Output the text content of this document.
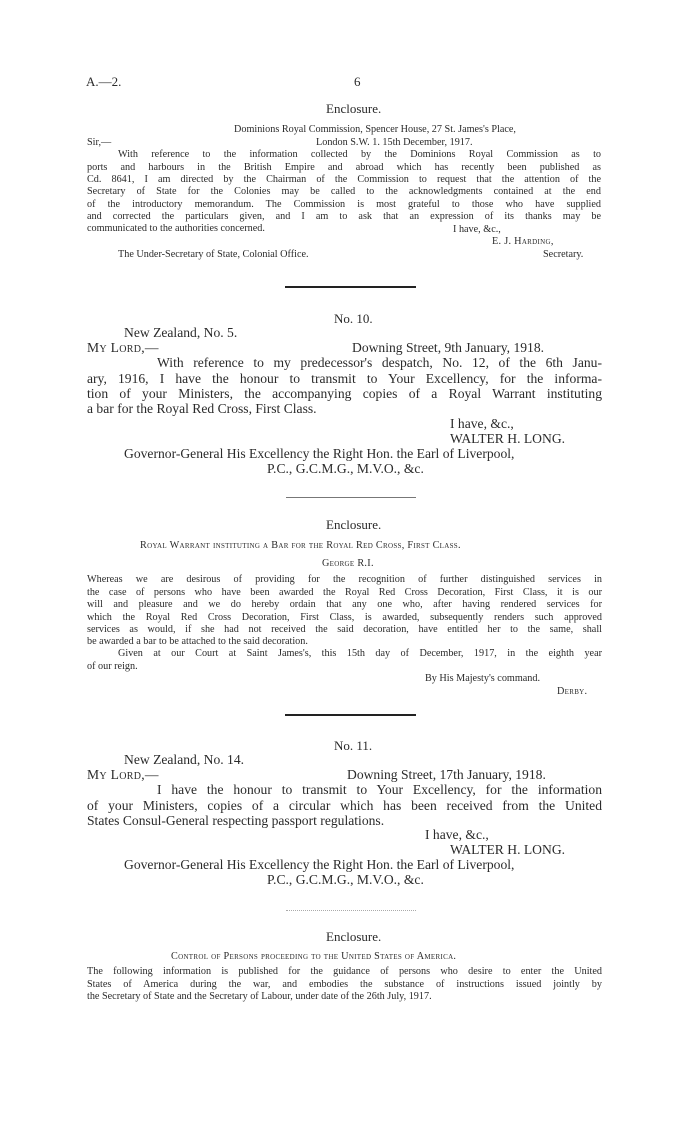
A.—2.	6
Enclosure.
Dominions Royal Commission, Spencer House, 27 St. James's Place,
Sir,—	London S.W. 1. 15th December, 1917.
With reference to the information collected by the Dominions Royal Commission as to
ports and harbours in the British Empire and abroad which has recently been published as
Cd. 8641, I am directed by the Chairman of the Commission to request that the attention of the
Secretary of State for the Colonies may be called to the acknowledgments contained at the end
of the introductory memorandum. The Commission is most grateful to those who have supplied
and corrected the particulars given, and I am to ask that an expression of its thanks may be
communicated to the authorities concerned.	I have, &c.,
E. J. Harding,
The Under-Secretary of State, Colonial Office.	Secretary.
No. 10.
New Zealand, No. 5.
My Lord,—	Downing Street, 9th January, 1918.
With reference to my predecessor's despatch, No. 12, of the 6th Janu-
ary, 1916, I have the honour to transmit to Your Excellency, for the informa-
tion of your Ministers, the accompanying copies of a Royal Warrant instituting
a bar for the Royal Red Cross, First Class.
I have, &c.,
WALTER H. LONG.
Governor-General His Excellency the Right Hon. the Earl of Liverpool,
P.C., G.C.M.G., M.V.O., &c.
Enclosure.
Royal Warrant instituting a Bar for the Royal Red Cross, First Class.
George R.I.
Whereas we are desirous of providing for the recognition of further distinguished services in
the case of persons who have been awarded the Royal Red Cross Decoration, First Class, it is our
will and pleasure and we do hereby ordain that any one who, after having rendered services for
which the Royal Red Cross Decoration, First Class, is awarded, subsequently renders such approved
services as would, if she had not received the said decoration, have entitled her to the same, shall
be awarded a bar to be attached to the said decoration.
Given at our Court at Saint James's, this 15th day of December, 1917, in the eighth year
of our reign.
By His Majesty's command.
Derby.
No. 11.
New Zealand, No. 14.
My Lord,—	Downing Street, 17th January, 1918.
I have the honour to transmit to Your Excellency, for the information
of your Ministers, copies of a circular which has been received from the United
States Consul-General respecting passport regulations.
I have, &c.,
WALTER H. LONG.
Governor-General His Excellency the Right Hon. the Earl of Liverpool,
P.C., G.C.M.G., M.V.O., &c.
Enclosure.
Control of Persons proceeding to the United States of America.
The following information is published for the guidance of persons who desire to enter the United
States of America during the war, and embodies the substance of instructions issued jointly by
the Secretary of State and the Secretary of Labour, under date of the 26th July, 1917.
